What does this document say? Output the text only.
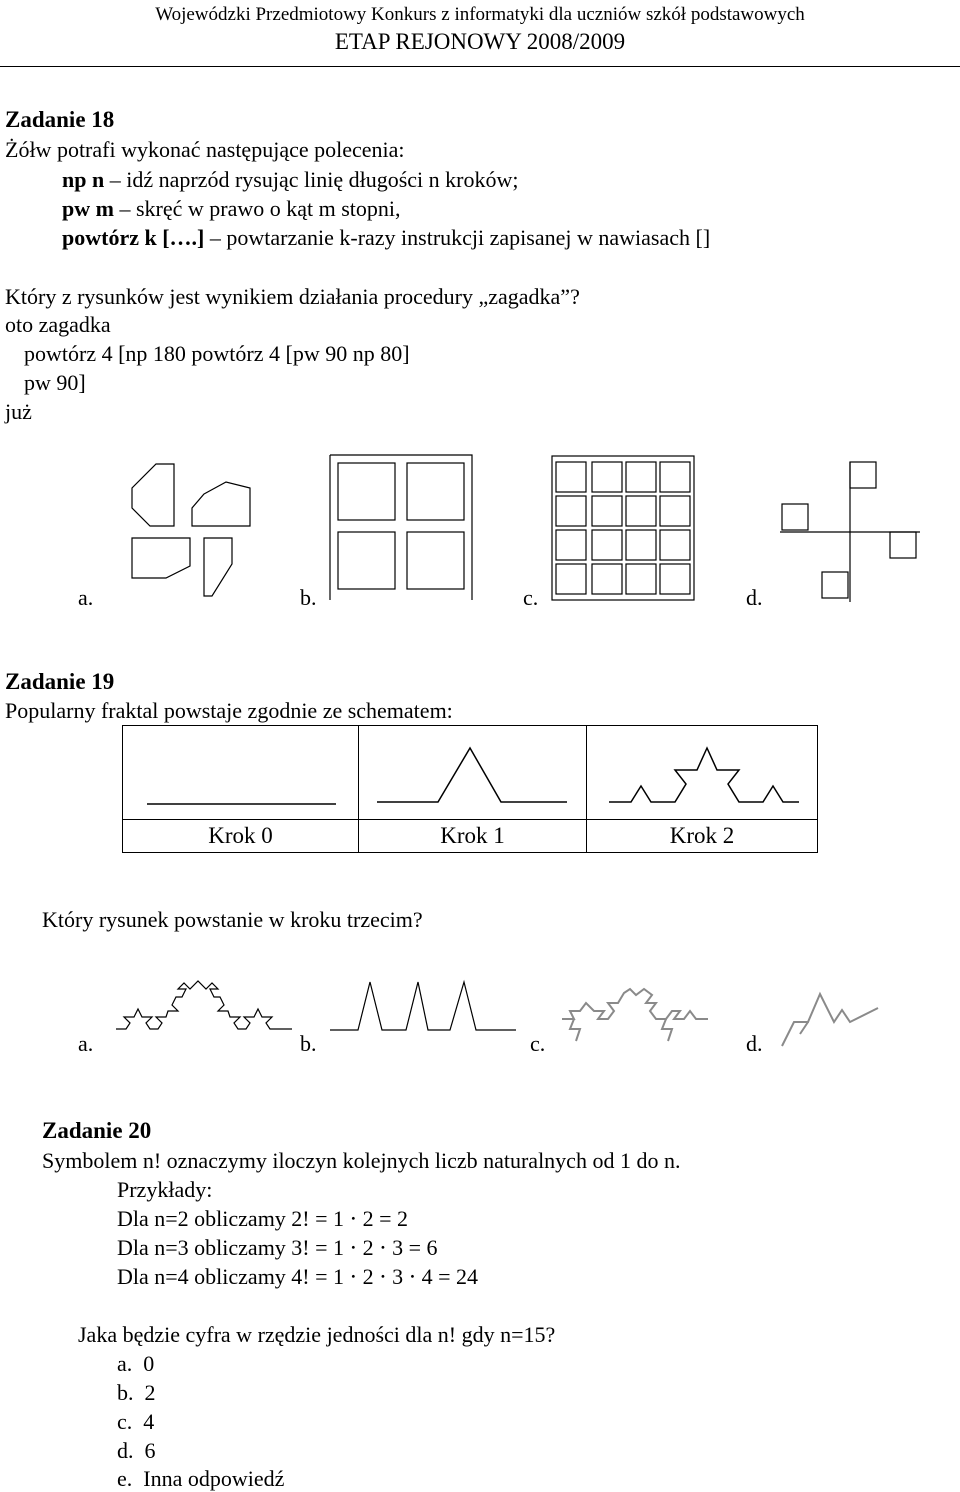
Wojewódzki Przedmiotowy Konkurs z informatyki dla uczniów szkół podstawowych
ETAP REJONOWY 2008/2009
Zadanie 18
Żółw potrafi wykonać następujące polecenia:
np n – idź naprzód rysując linię długości n kroków;
pw m – skręć w prawo o kąt m stopni,
powtórz k [….] – powtarzanie k-razy instrukcji zapisanej w nawiasach []
Który z rysunków jest wynikiem działania procedury „zagadka”?
oto zagadka
powtórz 4 [np 180 powtórz 4 [pw 90 np 80]
pw 90]
już
a.	b.	c.	d.
Zadanie 19
Popularny fraktal powstaje zgodnie ze schematem:

Krok 0	Krok 1	Krok 2
Który rysunek powstanie w kroku trzecim?
a.	b.	c.	d.
Zadanie 20
Symbolem n! oznaczymy iloczyn kolejnych liczb naturalnych od 1 do n.
Przykłady:
Dla n=2 obliczamy 2! = 1 ⋅ 2 = 2
Dla n=3 obliczamy 3! = 1 ⋅ 2 ⋅ 3 = 6
Dla n=4 obliczamy 4! = 1 ⋅ 2 ⋅ 3 ⋅ 4 = 24
Jaka będzie cyfra w rzędzie jedności dla n! gdy n=15?
a.  0
b.  2
c.  4
d.  6
e.  Inna odpowiedź
